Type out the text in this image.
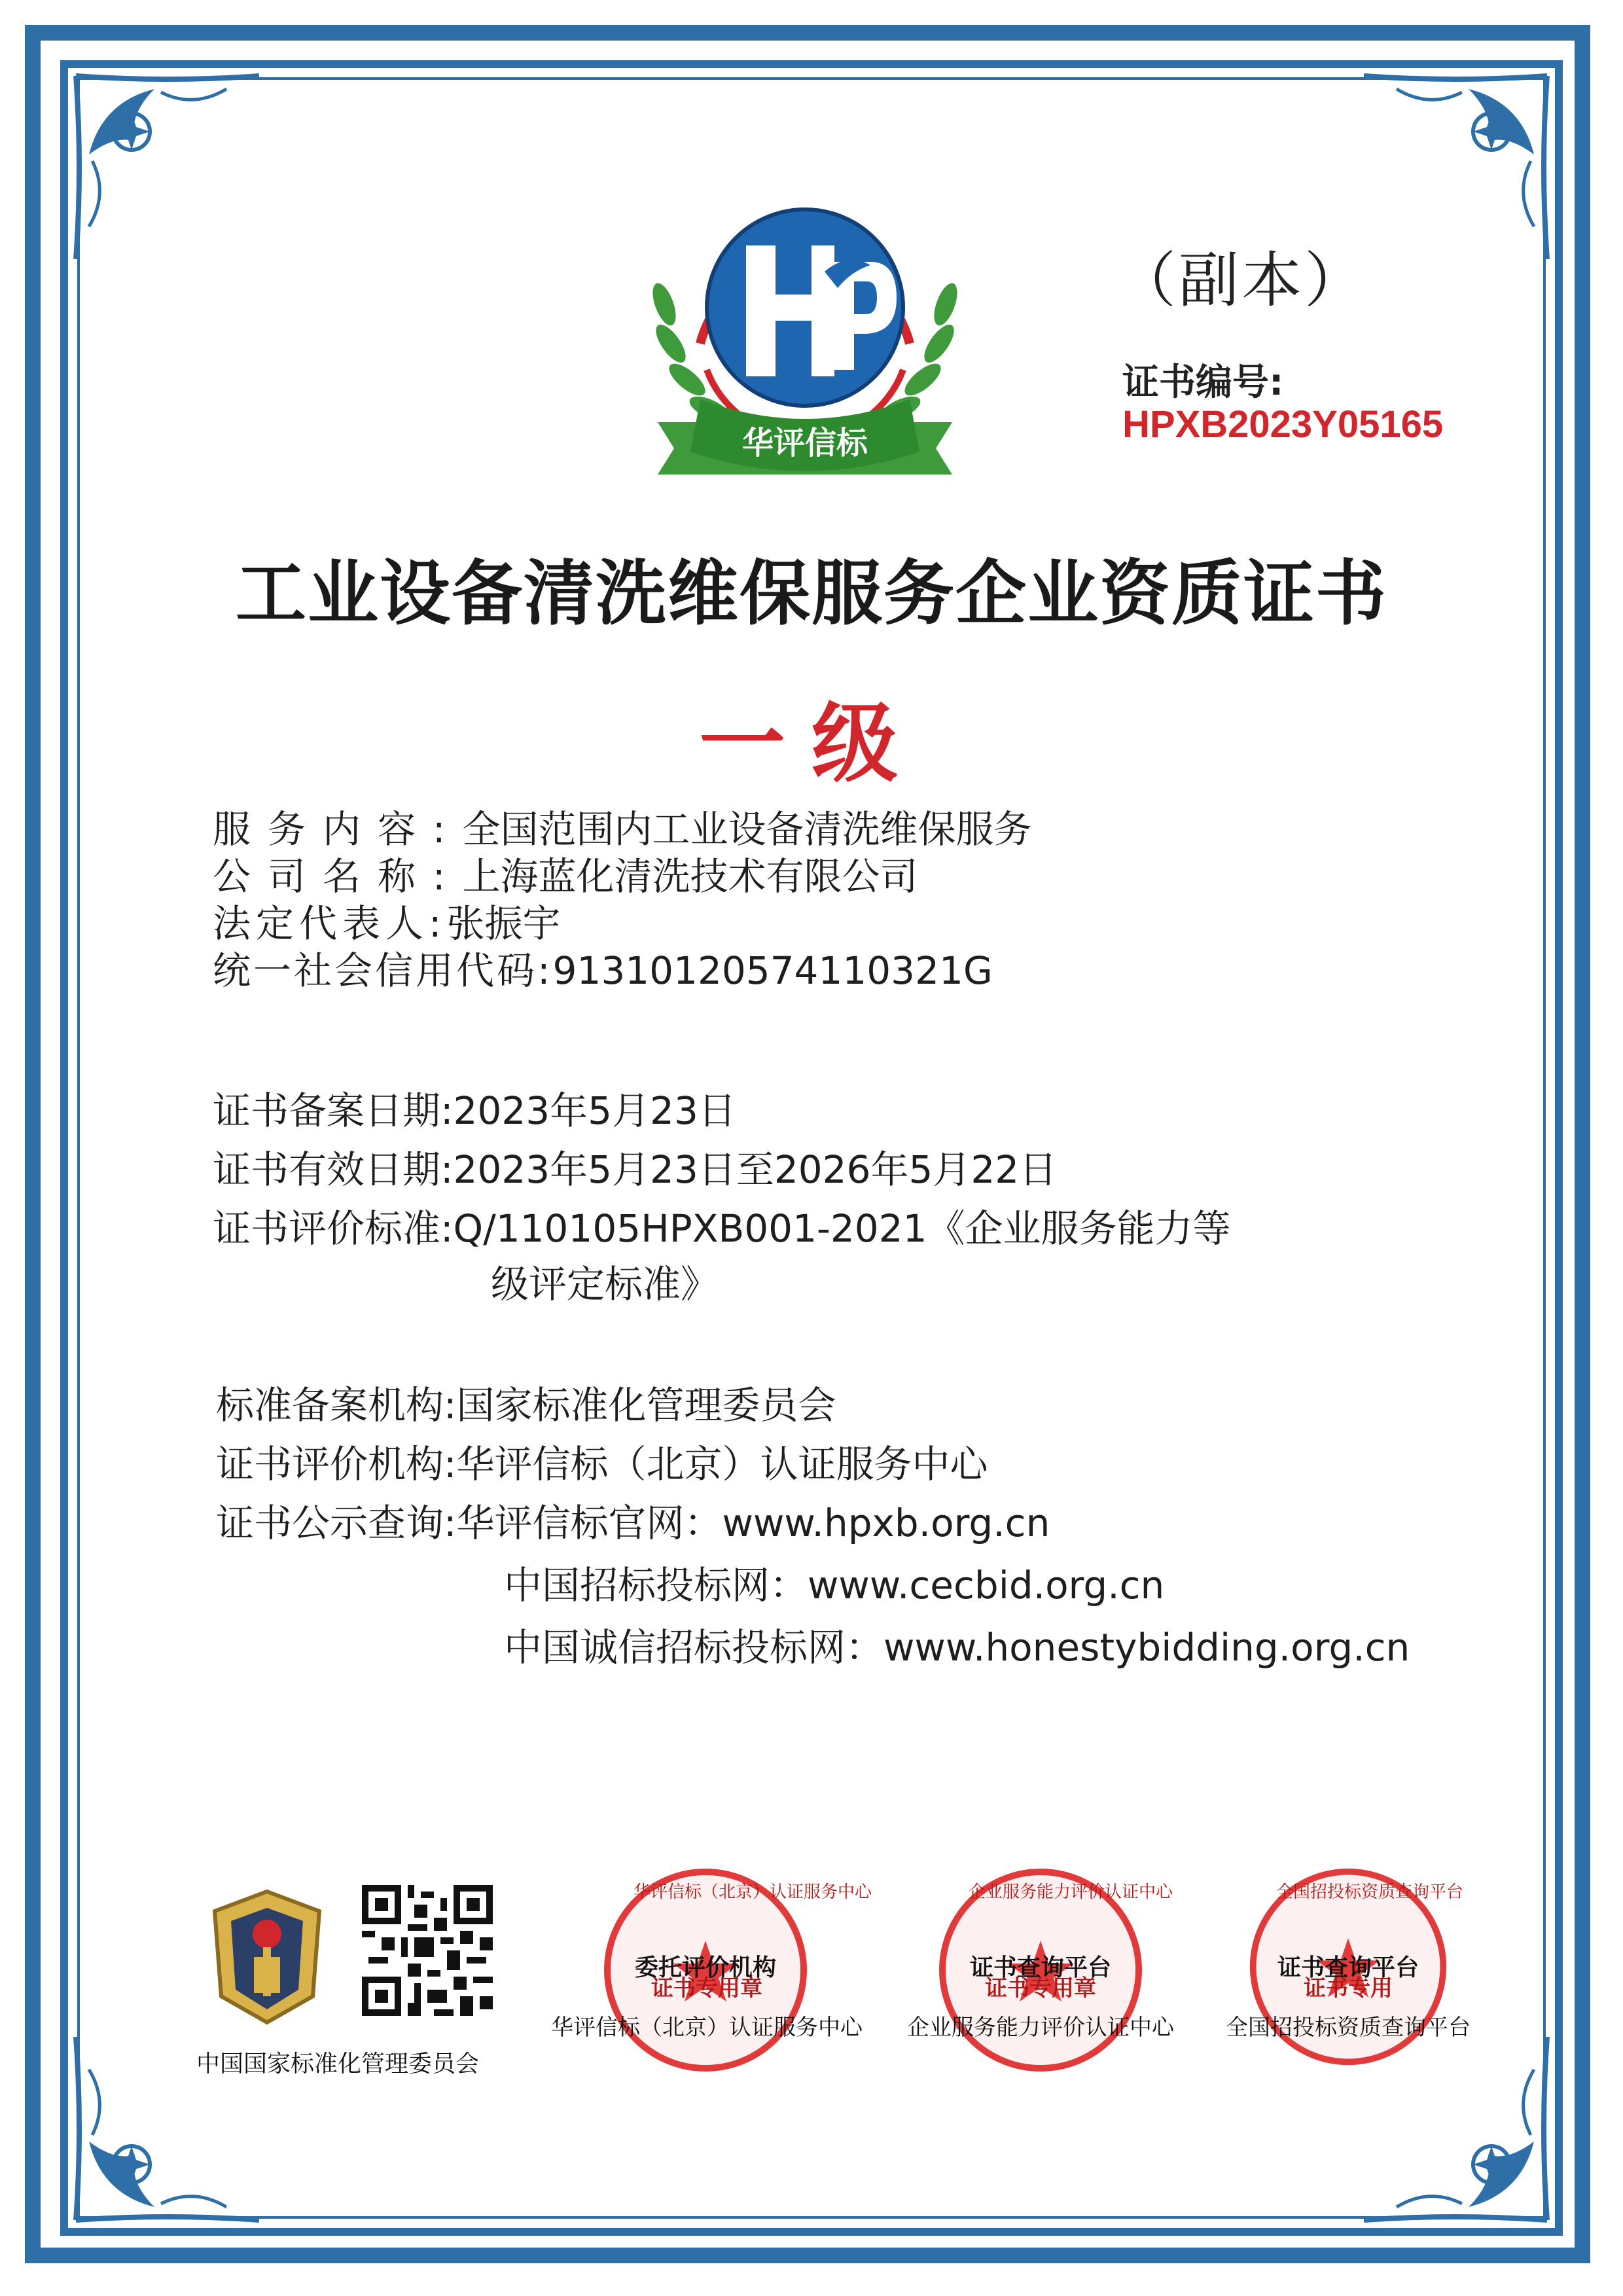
华评信标
（副本）
证书编号:
HPXB2023Y05165
工业设备清洗维保服务企业资质证书
一级
服务内容:全国范围内工业设备清洗维保服务
公司名称:上海蓝化清洗技术有限公司
法定代表人:张振宇
统一社会信用代码:91310120574110321G
证书备案日期:2023年5月23日
证书有效日期:2023年5月23日至2026年5月22日
证书评价标准:Q/110105HPXB001-2021《企业服务能力等
级评定标准》
标准备案机构:国家标准化管理委员会
证书评价机构:华评信标（北京）认证服务中心
证书公示查询:华评信标官网：www.hpxb.org.cn
中国招标投标网：www.cecbid.org.cn
中国诚信招标投标网：www.honestybidding.org.cn
中国国家标准化管理委员会
证书专用章
华评信标（北京）认证服务中心
委托评价机构
华评信标（北京）认证服务中心
证书专用章
企业服务能力评价认证中心
证书查询平台
企业服务能力评价认证中心
证书专用
全国招投标资质查询平台
证书查询平台
全国招投标资质查询平台
